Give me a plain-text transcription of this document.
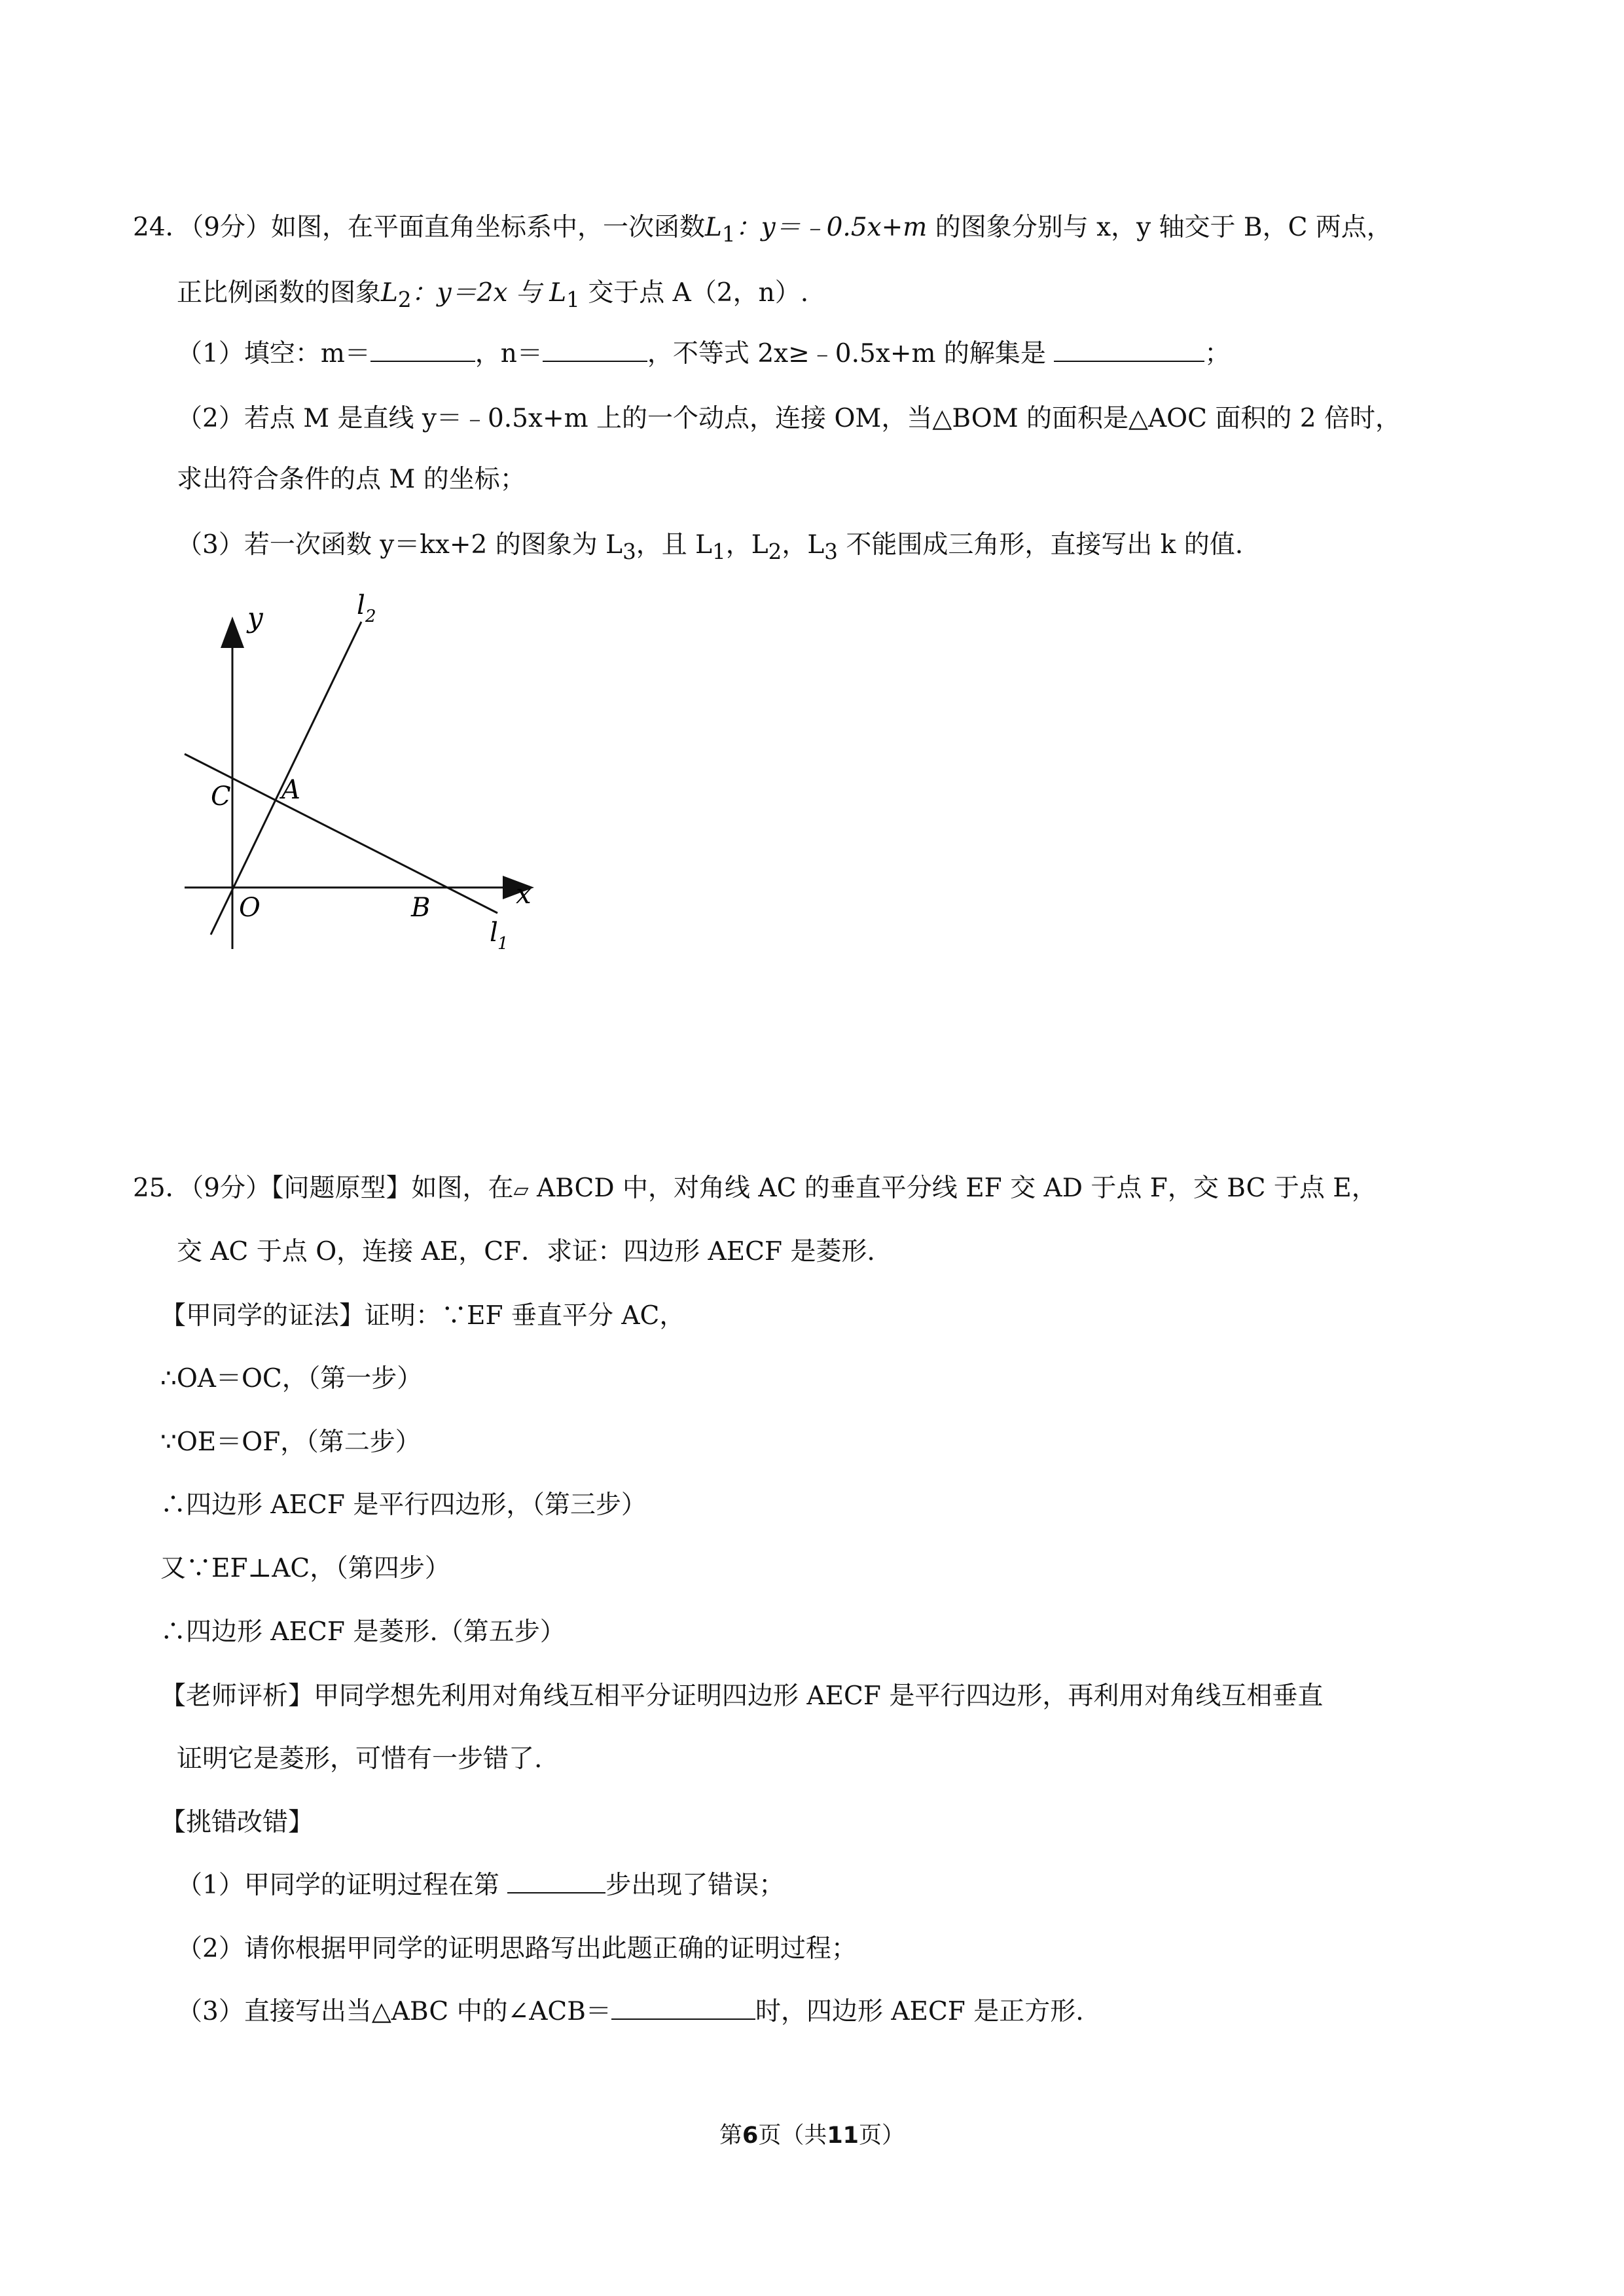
24．（9分）如图，在平面直角坐标系中，一次函数$L_1$：y＝﹣0.5x+m 的图象分别与 x，y 轴交于 B，C 两点，
正比例函数的图象$L_2$：y＝2x 与 $L_1$ 交于点 A（2，n）.
（1）填空：m＝	，n＝	，不等式 2x≥﹣0.5x+m 的解集是	；
（2）若点 M 是直线 y＝﹣0.5x+m 上的一个动点，连接 OM，当△BOM 的面积是△AOC 面积的 2 倍时，
求出符合条件的点 M 的坐标；
（3）若一次函数 y＝kx+2 的图象为 $L_3$，且 $L_1$，$L_2$，$L_3$ 不能围成三角形，直接写出 k 的值.
y
x
l 2
l 1
C A
O	B
25．（9分）【问题原型】如图，在▱ ABCD 中，对角线 AC 的垂直平分线 EF 交 AD 于点 F，交 BC 于点 E，
交 AC 于点 O，连接 AE，CF．求证：四边形 AECF 是菱形.
【甲同学的证法】证明：∵EF 垂直平分 AC，
∴OA＝OC，（第一步）
∵OE＝OF，（第二步）
∴四边形 AECF 是平行四边形，（第三步）
又∵EF⊥AC，（第四步）
∴四边形 AECF 是菱形.（第五步）
【老师评析】甲同学想先利用对角线互相平分证明四边形 AECF 是平行四边形，再利用对角线互相垂直
证明它是菱形，可惜有一步错了.
【挑错改错】
（1）甲同学的证明过程在第	步出现了错误；
（2）请你根据甲同学的证明思路写出此题正确的证明过程；
（3）直接写出当△ABC 中的∠ACB＝	时，四边形 AECF 是正方形.
第6页（共11页）
